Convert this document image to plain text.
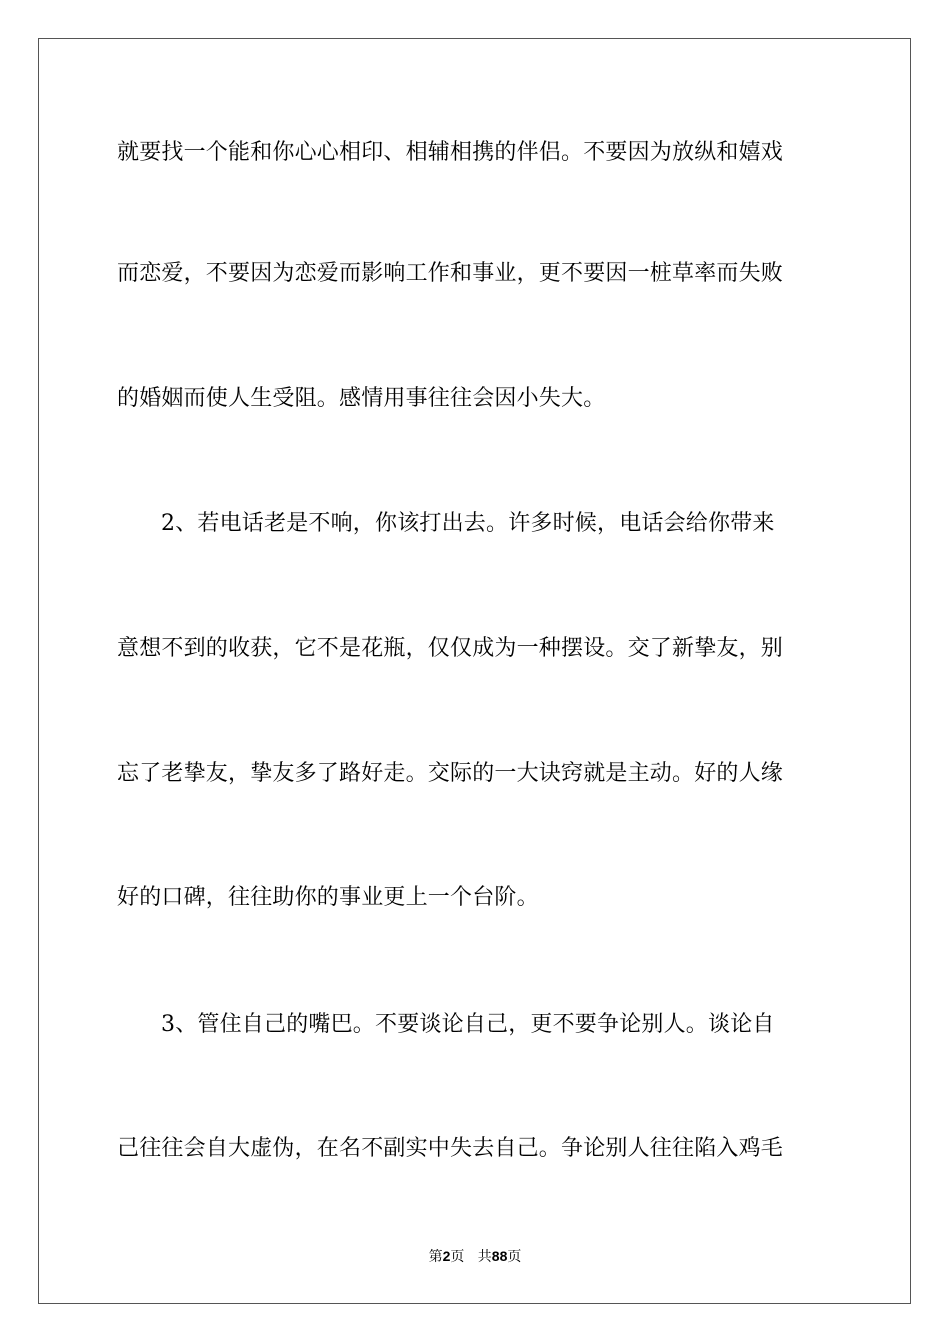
就要找一个能和你心心相印、相辅相携的伴侣。不要因为放纵和嬉戏
而恋爱，不要因为恋爱而影响工作和事业，更不要因一桩草率而失败
的婚姻而使人生受阻。感情用事往往会因小失大。
2、若电话老是不响，你该打出去。许多时候，电话会给你带来
意想不到的收获，它不是花瓶，仅仅成为一种摆设。交了新挚友，别
忘了老挚友，挚友多了路好走。交际的一大诀窍就是主动。好的人缘
好的口碑，往往助你的事业更上一个台阶。
3、管住自己的嘴巴。不要谈论自己，更不要争论别人。谈论自
己往往会自大虚伪，在名不副实中失去自己。争论别人往往陷入鸡毛
第2页 共88页
